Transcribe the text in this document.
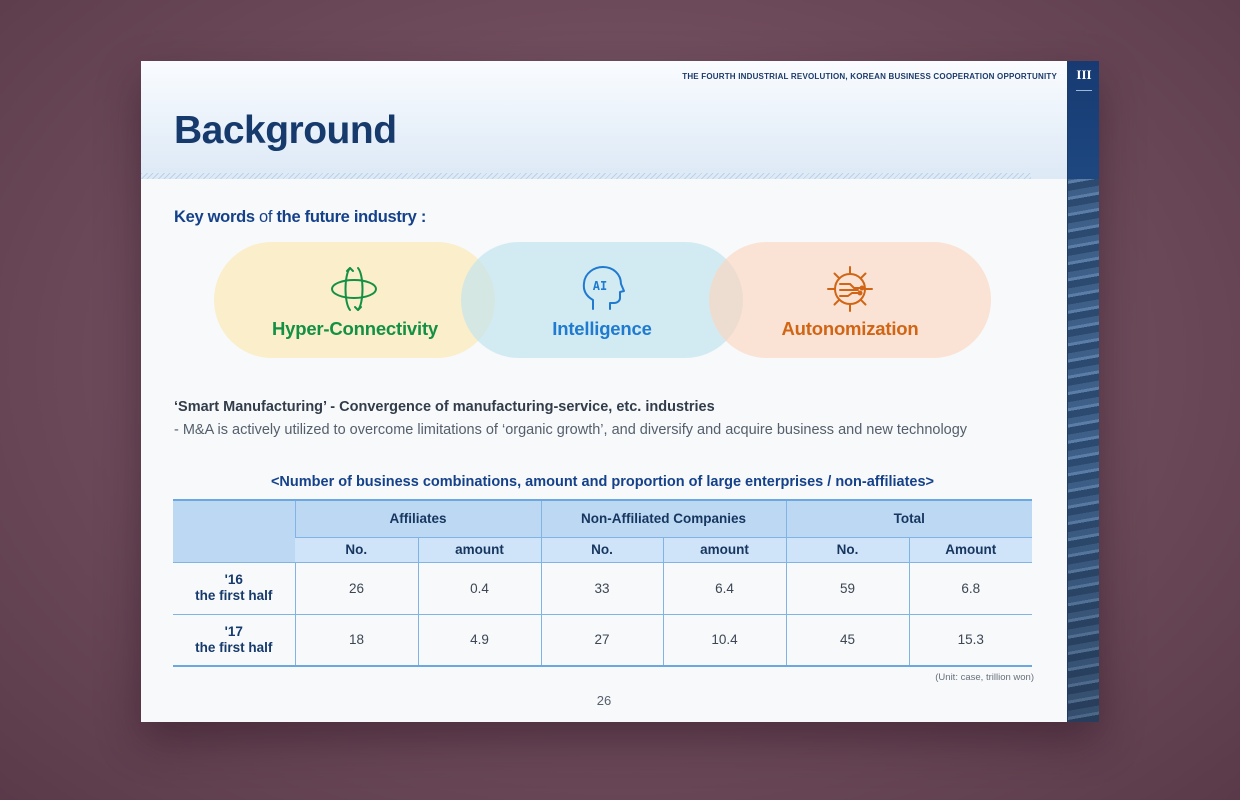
THE FOURTH INDUSTRIAL REVOLUTION, KOREAN BUSINESS COOPERATION OPPORTUNITY
Background
III
Key words of the future industry :
AI
Hyper-Connectivity	Intelligence	Autonomization
‘Smart Manufacturing’ - Convergence of manufacturing-service, etc. industries
- M&A is actively utilized to overcome limitations of ‘organic growth’, and diversify and acquire business and new technology
<Number of business combinations, amount and proportion of large enterprises / non-affiliates>
	Affiliates		Non-Affiliated Companies		Total	
	No.	amount	No.	amount	No.	Amount

'16
the first half	26	0.4	33	6.4	59	6.8

'17
the first half	18	4.9	27	10.4	45	15.3
(Unit: case, trillion won)
26
